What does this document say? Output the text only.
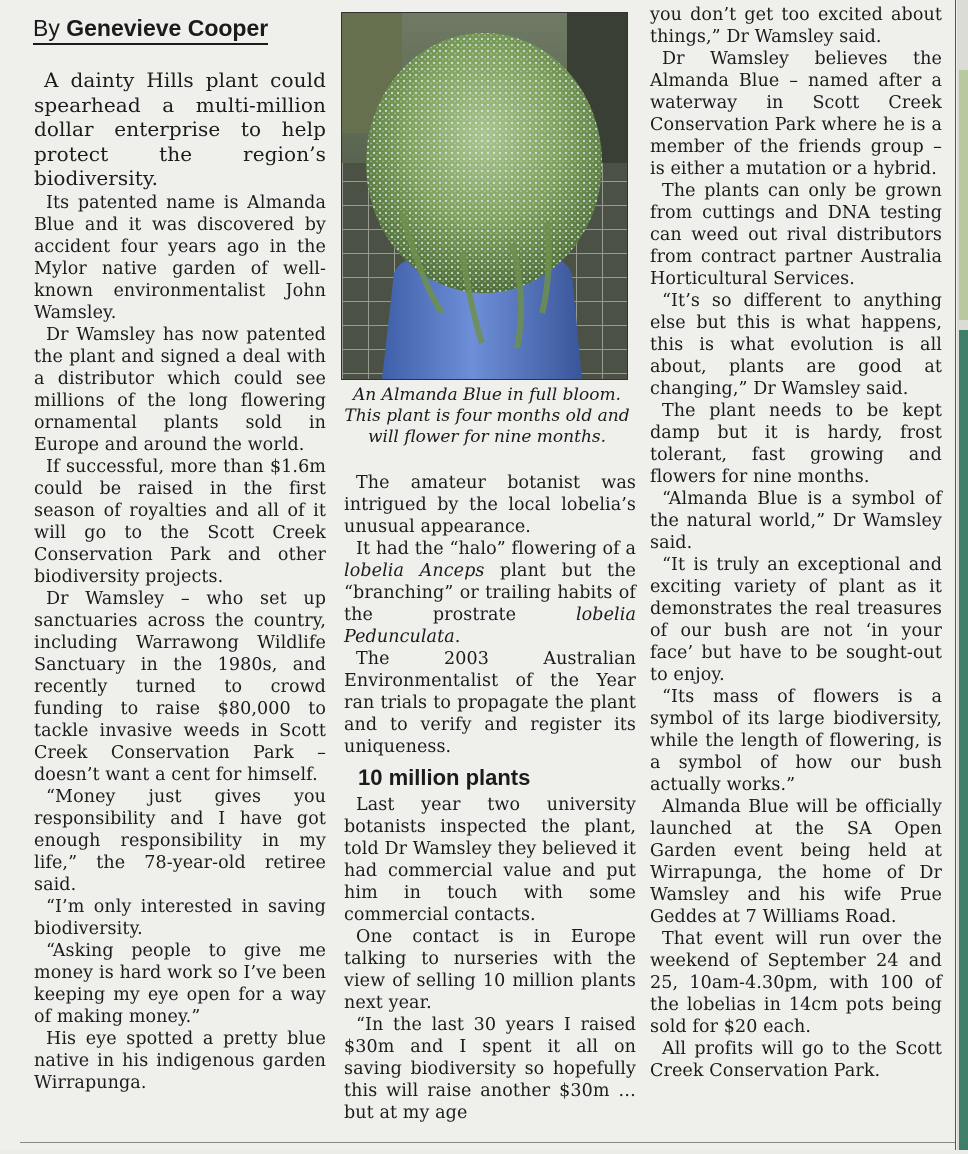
By Genevieve Cooper

A dainty Hills plant could spearhead a multi-million dollar enterprise to help protect the region’s biodiversity.

Its patented name is Almanda Blue and it was discovered by accident four years ago in the Mylor native garden of well-known environmentalist John Wamsley.

Dr Wamsley has now patented the plant and signed a deal with a distributor which could see millions of the long flowering ornamental plants sold in Europe and around the world.

If successful, more than $1.6m could be raised in the first season of royalties and all of it will go to the Scott Creek Conservation Park and other biodiversity projects.

Dr Wamsley – who set up sanctuaries across the country, including Warrawong Wildlife Sanctuary in the 1980s, and recently turned to crowd funding to raise $80,000 to tackle invasive weeds in Scott Creek Conservation Park – doesn’t want a cent for himself.

“Money just gives you responsibility and I have got enough responsibility in my life,” the 78-year-old retiree said.

“I’m only interested in saving biodiversity.

“Asking people to give me money is hard work so I’ve been keeping my eye open for a way of making money.”

His eye spotted a pretty blue native in his indigenous garden Wirrapunga.

An Almanda Blue in full bloom. This plant is four months old and will flower for nine months.

The amateur botanist was intrigued by the local lobelia’s unusual appearance.

It had the “halo” flowering of a lobelia Anceps plant but the “branching” or trailing habits of the prostrate lobelia Pedunculata.

The 2003 Australian Environmentalist of the Year ran trials to propagate the plant and to verify and register its uniqueness.

10 million plants

Last year two university botanists inspected the plant, told Dr Wamsley they believed it had commercial value and put him in touch with some commercial contacts.

One contact is in Europe talking to nurseries with the view of selling 10 million plants next year.

“In the last 30 years I raised $30m and I spent it all on saving biodiversity so hopefully this will raise another $30m … but at my age

you don’t get too excited about things,” Dr Wamsley said.

Dr Wamsley believes the Almanda Blue – named after a waterway in Scott Creek Conservation Park where he is a member of the friends group – is either a mutation or a hybrid.

The plants can only be grown from cuttings and DNA testing can weed out rival distributors from contract partner Australia Horticultural Services.

“It’s so different to anything else but this is what happens, this is what evolution is all about, plants are good at changing,” Dr Wamsley said.

The plant needs to be kept damp but it is hardy, frost tolerant, fast growing and flowers for nine months.

“Almanda Blue is a symbol of the natural world,” Dr Wamsley said.

“It is truly an exceptional and exciting variety of plant as it demonstrates the real treasures of our bush are not ‘in your face’ but have to be sought-out to enjoy.

“Its mass of flowers is a symbol of its large biodiversity, while the length of flowering, is a symbol of how our bush actually works.”

Almanda Blue will be officially launched at the SA Open Garden event being held at Wirrapunga, the home of Dr Wamsley and his wife Prue Geddes at 7 Williams Road.

That event will run over the weekend of September 24 and 25, 10am-4.30pm, with 100 of the lobelias in 14cm pots being sold for $20 each.

All profits will go to the Scott Creek Conservation Park.
